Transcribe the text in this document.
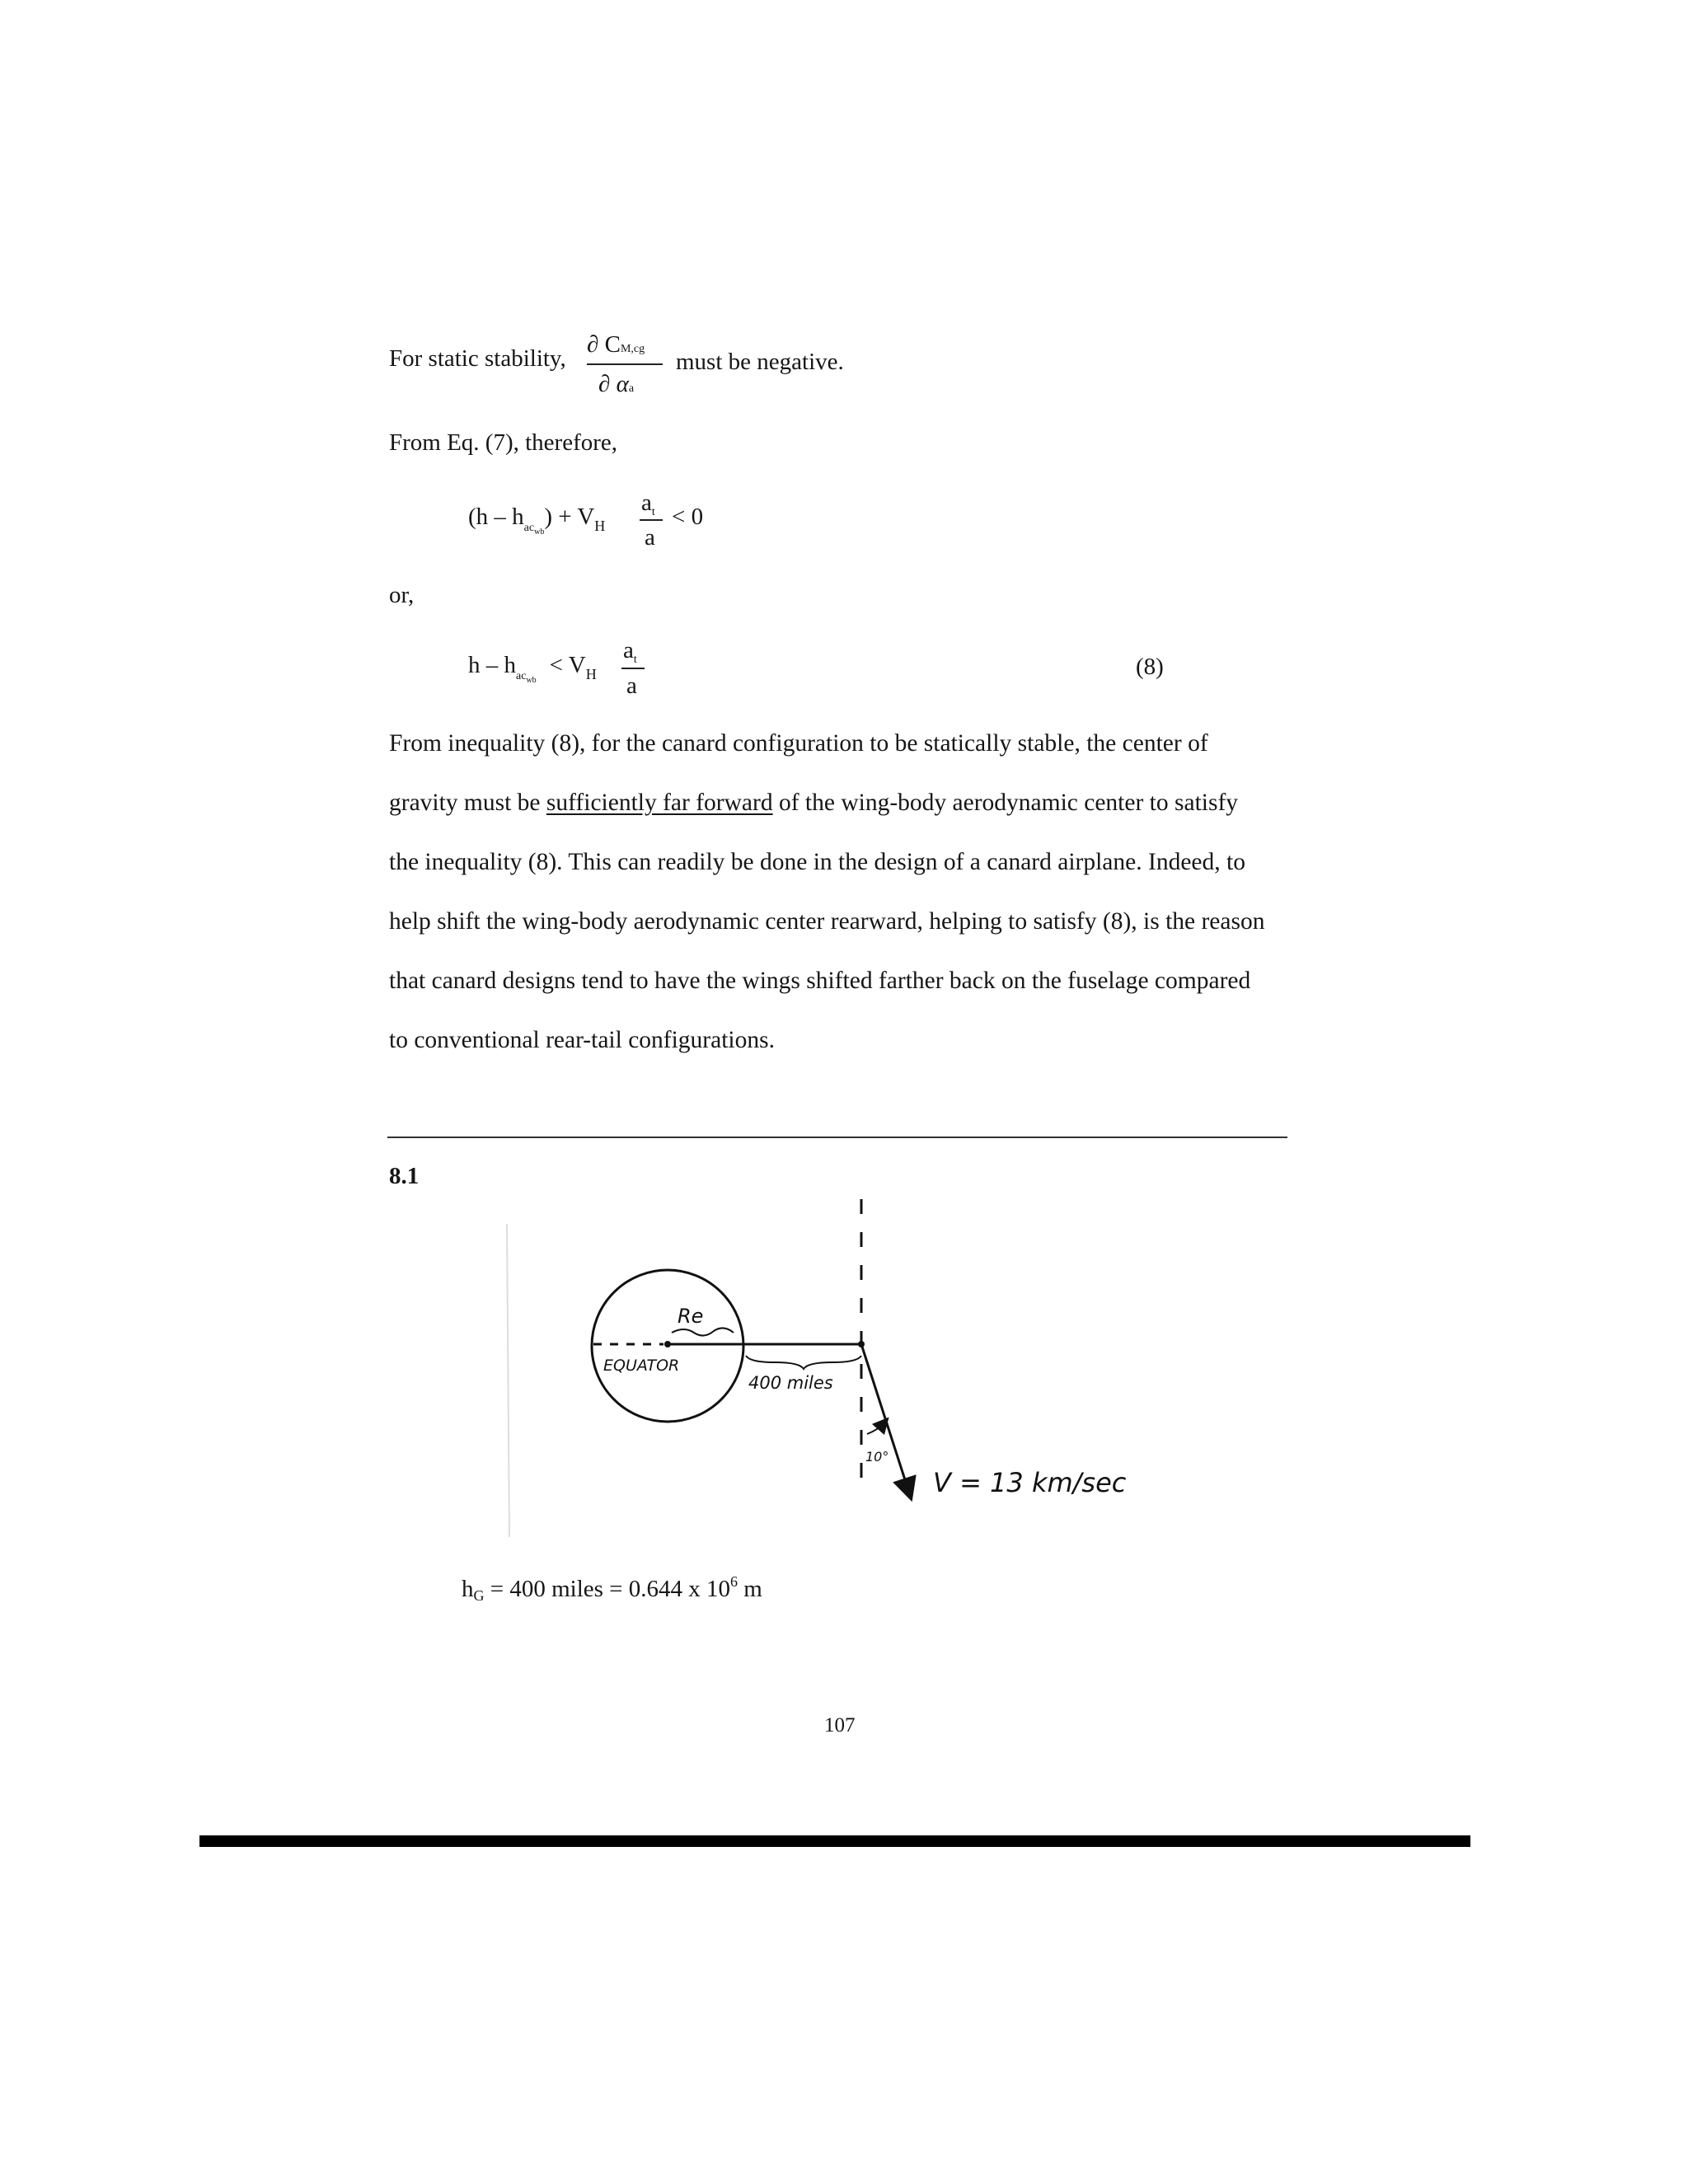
For static stability,
∂ CM,cg
∂ αa
must be negative.
From Eq. (7), therefore,
(h – hac$_{wb}$) + VH
at
a
< 0
or,
h – hac$_{wb}$< VH
at
a
(8)

From inequality (8), for the canard configuration to be statically stable, the center of

gravity must be sufficiently far forward of the wing-body aerodynamic center to satisfy

the inequality (8). This can readily be done in the design of a canard airplane. Indeed, to

help shift the wing-body aerodynamic center rearward, helping to satisfy (8), is the reason

that canard designs tend to have the wings shifted farther back on the fuselage compared

to conventional rear-tail configurations.

8.1
Re
EQUATOR
400 miles
10°
V = 13 km/sec
hG = 400 miles = 0.644 x 106 m
107
